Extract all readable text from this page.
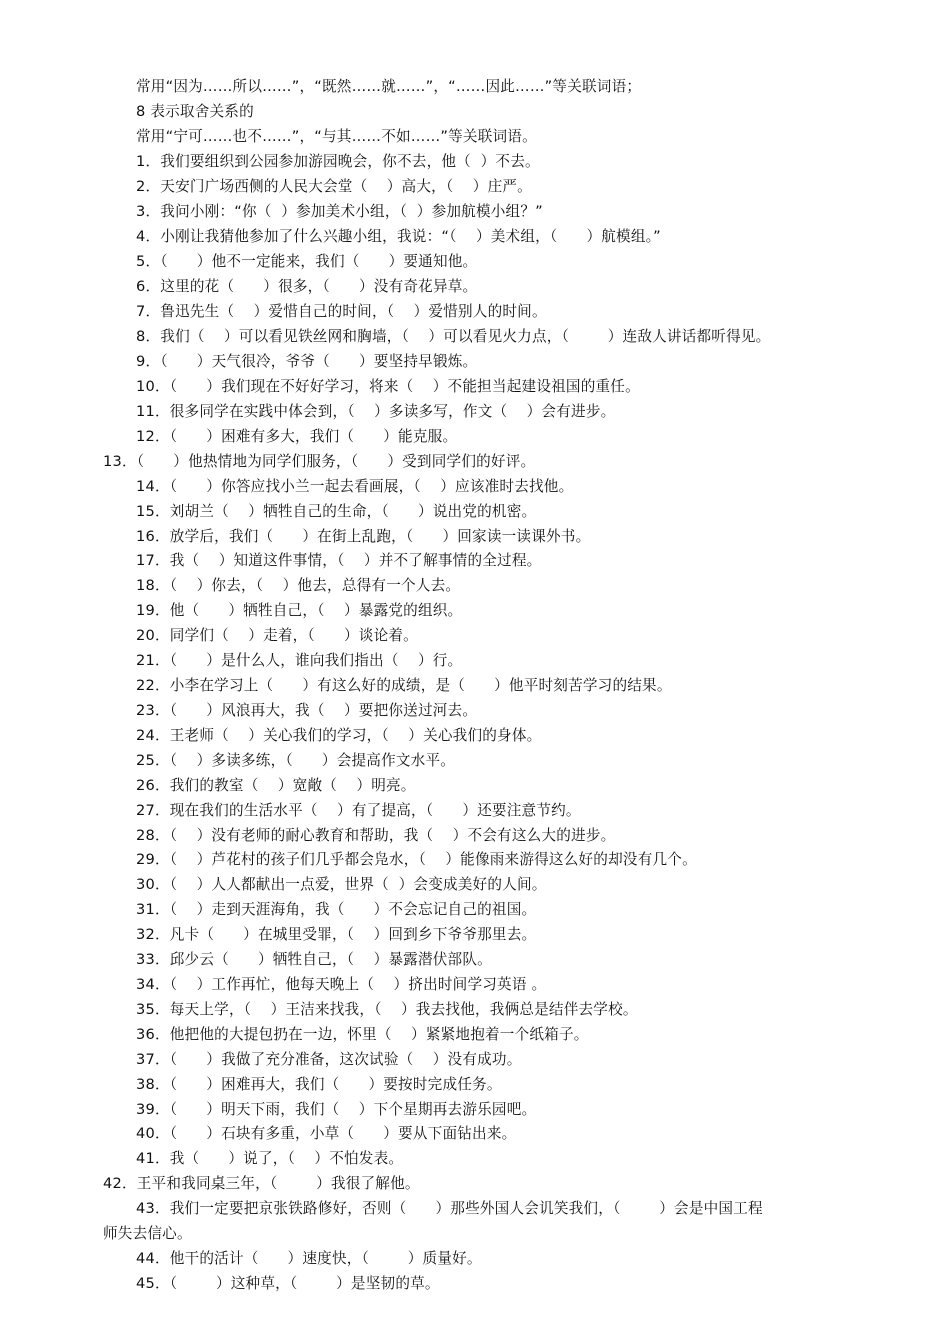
常用“因为……所以……”，“既然……就……”，“……因此……”等关联词语；
8 表示取舍关系的
常用“宁可……也不……”，“与其……不如……”等关联词语。
1．我们要组织到公园参加游园晚会，你不去，他（  ）不去。
2．天安门广场西侧的人民大会堂（    ）高大，（    ）庄严。
3．我问小刚：“你（  ）参加美术小组，（  ）参加航模小组？”
4．小刚让我猜他参加了什么兴趣小组，我说：“（    ）美术组，（      ）航模组。”
5．（      ）他不一定能来，我们（      ）要通知他。
6．这里的花（      ）很多，（      ）没有奇花异草。
7．鲁迅先生（    ）爱惜自己的时间，（    ）爱惜别人的时间。
8．我们（    ）可以看见铁丝网和胸墙，（    ）可以看见火力点，（        ）连敌人讲话都听得见。
9．（      ）天气很冷，爷爷（      ）要坚持早锻炼。
10．（      ）我们现在不好好学习，将来（    ）不能担当起建设祖国的重任。
11．很多同学在实践中体会到，（    ）多读多写，作文（    ）会有进步。
12．（      ）困难有多大，我们（      ）能克服。
13．（      ）他热情地为同学们服务，（      ）受到同学们的好评。
14．（      ）你答应找小兰一起去看画展，（    ）应该准时去找他。
15．刘胡兰（    ）牺牲自己的生命，（      ）说出党的机密。
16．放学后，我们（      ）在街上乱跑，（      ）回家读一读课外书。
17．我（    ）知道这件事情，（    ）并不了解事情的全过程。
18．（    ）你去，（    ）他去，总得有一个人去。
19．他（      ）牺牲自己，（    ）暴露党的组织。
20．同学们（    ）走着，（      ）谈论着。
21．（      ）是什么人，谁向我们指出（    ）行。
22．小李在学习上（      ）有这么好的成绩，是（      ）他平时刻苦学习的结果。
23．（      ）风浪再大，我（    ）要把你送过河去。
24．王老师（    ）关心我们的学习，（    ）关心我们的身体。
25．（    ）多读多练，（      ）会提高作文水平。
26．我们的教室（    ）宽敞（    ）明亮。
27．现在我们的生活水平（    ）有了提高，（      ）还要注意节约。
28．（    ）没有老师的耐心教育和帮助，我（    ）不会有这么大的进步。
29．（    ）芦花村的孩子们几乎都会凫水，（    ）能像雨来游得这么好的却没有几个。
30．（    ）人人都献出一点爱，世界（  ）会变成美好的人间。
31．（    ）走到天涯海角，我（      ）不会忘记自己的祖国。
32．凡卡（      ）在城里受罪，（    ）回到乡下爷爷那里去。
33．邱少云（      ）牺牲自己，（    ）暴露潜伏部队。
34．（    ）工作再忙，他每天晚上（    ）挤出时间学习英语 。
35．每天上学，（    ）王洁来找我，（    ）我去找他，我俩总是结伴去学校。
36．他把他的大提包扔在一边，怀里（    ）紧紧地抱着一个纸箱子。
37．（      ）我做了充分准备，这次试验（    ）没有成功。
38．（      ）困难再大，我们（      ）要按时完成任务。
39．（      ）明天下雨，我们（    ）下个星期再去游乐园吧。
40．（      ）石块有多重，小草（      ）要从下面钻出来。
41．我（      ）说了，（    ）不怕发表。
42．王平和我同桌三年，（        ）我很了解他。
43．我们一定要把京张铁路修好，否则（      ）那些外国人会讥笑我们，（        ）会是中国工程
师失去信心。
44．他干的活计（      ）速度快，（        ）质量好。
45．（        ）这种草，（        ）是坚韧的草。
